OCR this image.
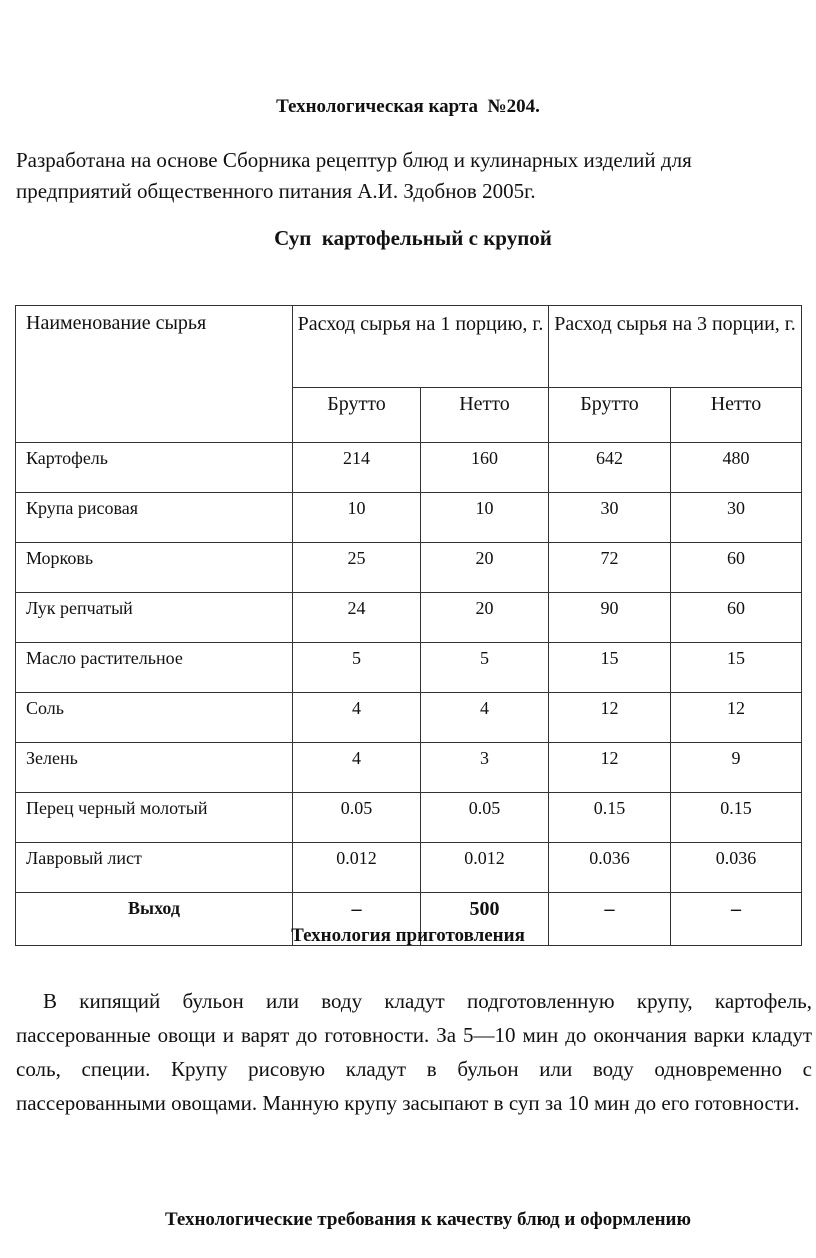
Технологическая карта  №204.
Разработана на основе Сборника рецептур блюд и кулинарных изделий для предприятий общественного питания А.И. Здобнов 2005г.
Суп  картофельный с крупой
Наименование сырья	Расход сырья на 1 порцию, г.		Расход сырья на 3 порции, г.	
	Брутто	Нетто	Брутто	Нетто
Картофель	214	160	642	480
Крупа рисовая	10	10	30	30
Морковь	25	20	72	60
Лук репчатый	24	20	90	60
Масло растительное	5	5	15	15
Соль	4	4	12	12
Зелень	4	3	12	9
Перец черный молотый	0.05	0.05	0.15	0.15
Лавровый лист	0.012	0.012	0.036	0.036
Выход	–	500	–	–
Технология приготовления
В кипящий бульон или воду кладут подготовленную крупу, картофель, пассерованные овощи и варят до готовности. За 5—10 мин до окончания варки кладут соль, специи. Крупу рисовую кладут в бульон или воду одновременно с пассерованными овощами. Манную крупу засыпают в суп за 10 мин до его готовности.
Технологические требования к качеству блюд и оформлению
